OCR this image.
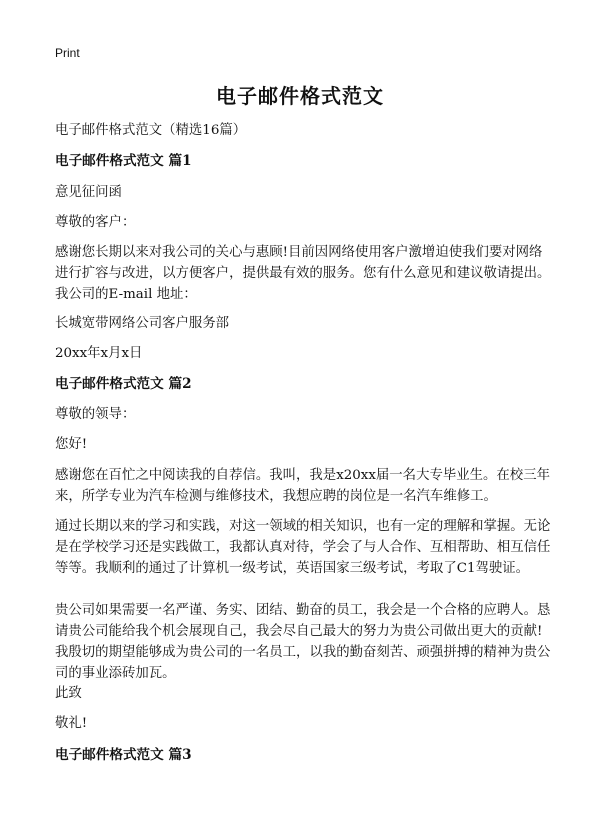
Print
电子邮件格式范文

电子邮件格式范文（精选16篇）

电子邮件格式范文 篇1

意见征问函

尊敬的客户：

感谢您长期以来对我公司的关心与惠顾!目前因网络使用客户激增迫使我们要对网络进行扩容与改进，以方便客户，提供最有效的服务。您有什么意见和建议敬请提出。我公司的E-mail 地址：

长城宽带网络公司客户服务部

20xx年x月x日

电子邮件格式范文 篇2

尊敬的领导：

您好!

感谢您在百忙之中阅读我的自荐信。我叫，我是x20xx届一名大专毕业生。在校三年来，所学专业为汽车检测与维修技术，我想应聘的岗位是一名汽车维修工。

通过长期以来的学习和实践，对这一领域的相关知识，也有一定的理解和掌握。无论是在学校学习还是实践做工，我都认真对待，学会了与人合作、互相帮助、相互信任等等。我顺利的通过了计算机一级考试，英语国家三级考试，考取了C1驾驶证。

贵公司如果需要一名严谨、务实、团结、勤奋的员工，我会是一个合格的应聘人。恳请贵公司能给我个机会展现自己，我会尽自己最大的努力为贵公司做出更大的贡献!我殷切的期望能够成为贵公司的一名员工，以我的勤奋刻苦、顽强拼搏的精神为贵公司的事业添砖加瓦。

此致

敬礼!

电子邮件格式范文 篇3
